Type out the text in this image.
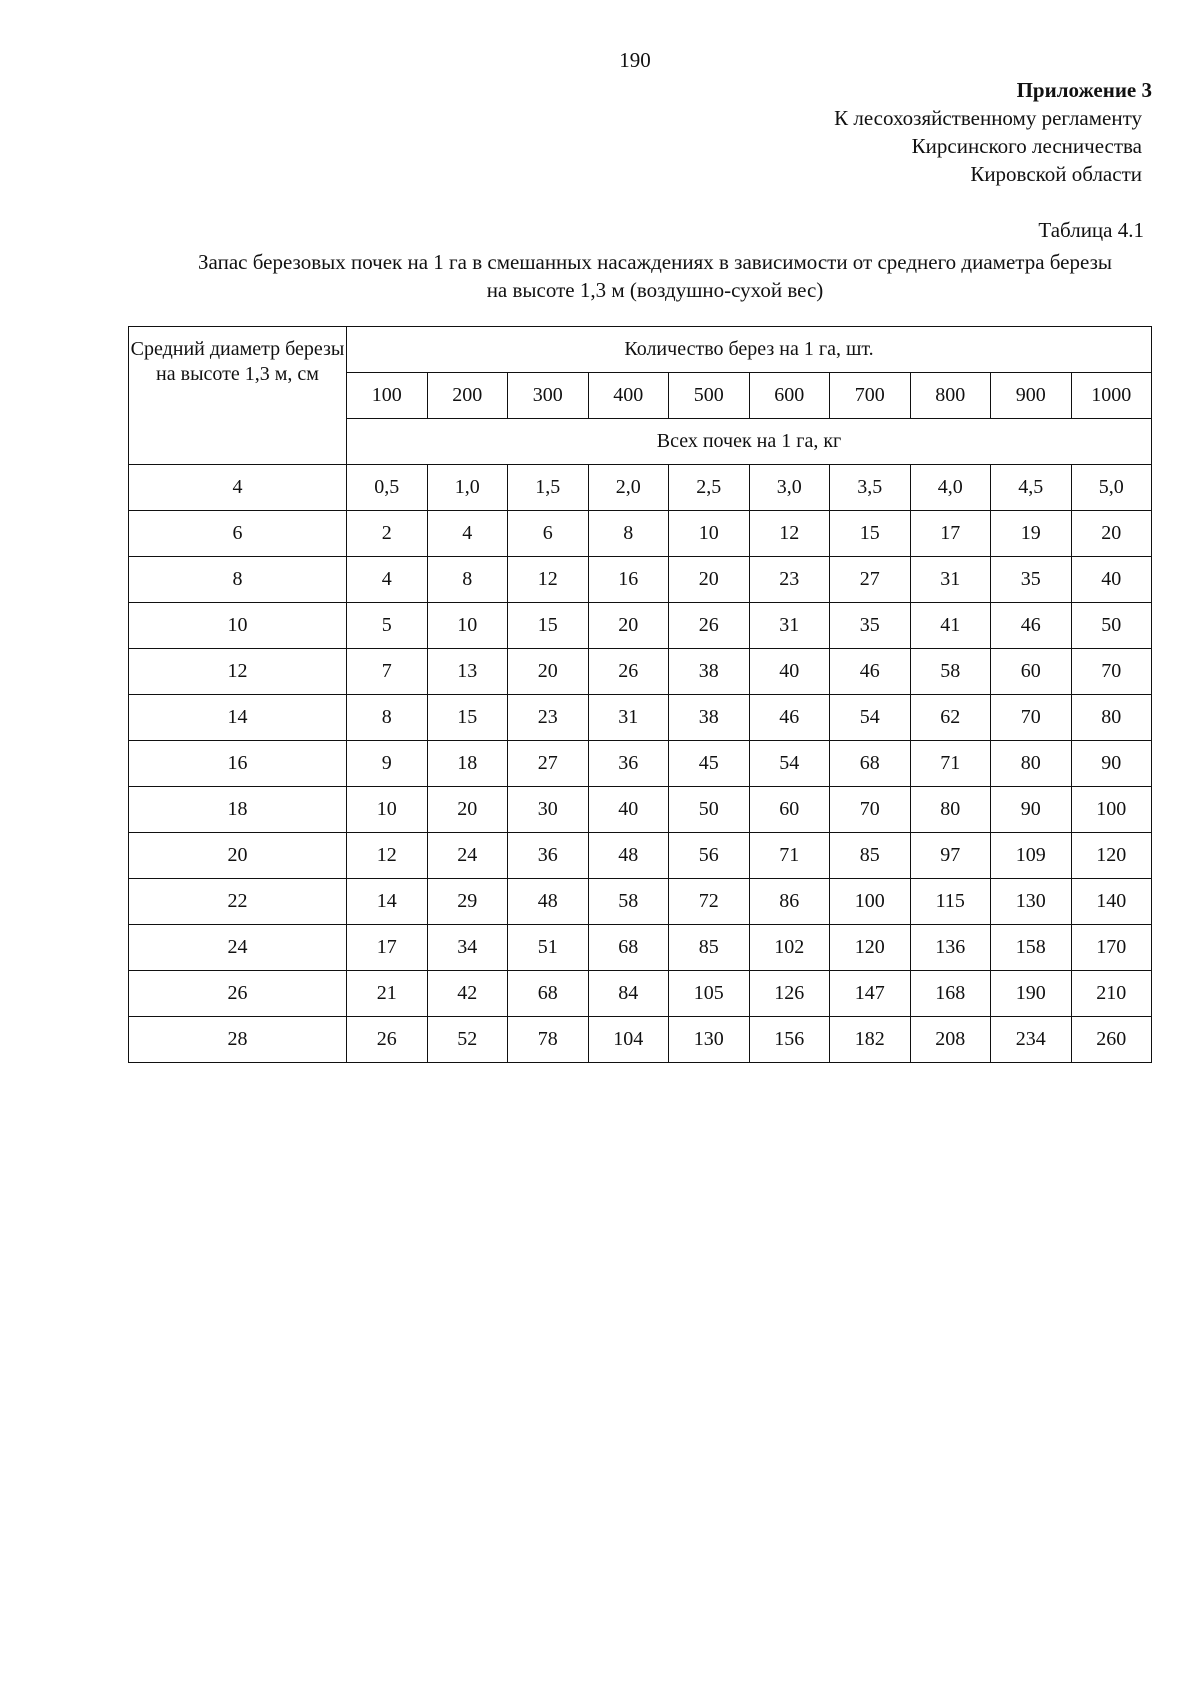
190
Приложение 3
К лесохозяйственному регламенту
Кирсинского лесничества
Кировской области
Таблица 4.1
Запас березовых почек на 1 га в смешанных насаждениях в зависимости от среднего диаметра березы на высоте 1,3 м (воздушно-сухой вес)
Средний диаметр березы на высоте 1,3 м, см	Количество берез на 1 га, шт.									
	100	200	300	400	500	600	700	800	900	1000
	Всех почек на 1 га, кг									
4	0,5	1,0	1,5	2,0	2,5	3,0	3,5	4,0	4,5	5,0
6	2	4	6	8	10	12	15	17	19	20
8	4	8	12	16	20	23	27	31	35	40
10	5	10	15	20	26	31	35	41	46	50
12	7	13	20	26	38	40	46	58	60	70
14	8	15	23	31	38	46	54	62	70	80
16	9	18	27	36	45	54	68	71	80	90
18	10	20	30	40	50	60	70	80	90	100
20	12	24	36	48	56	71	85	97	109	120
22	14	29	48	58	72	86	100	115	130	140
24	17	34	51	68	85	102	120	136	158	170
26	21	42	68	84	105	126	147	168	190	210
28	26	52	78	104	130	156	182	208	234	260
